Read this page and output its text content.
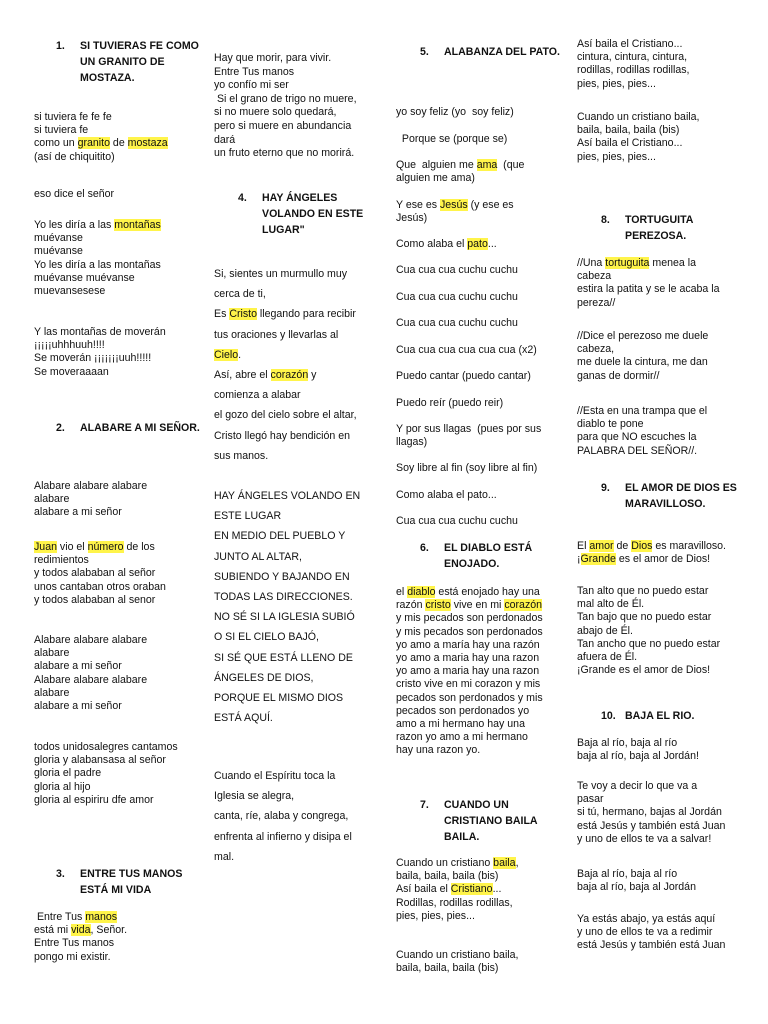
1.	SI TUVIERAS FE COMO UN GRANITO DE MOSTAZA.
si tuviera fe fe fe
si tuviera fe
como un granito de mostaza
(así de chiquitito)
eso dice el señor
Yo les diría a las montañas
muévanse
muévanse
Yo les diría a las montañas
muévanse muévanse
muevansesese
Y las montañas de moverán
¡¡¡¡¡uhhhuuh!!!!
Se moverán ¡¡¡¡¡¡¡uuh!!!!!
Se moveraaaan
2.	ALABARE A MI SEÑOR.
Alabare alabare alabare
alabare
alabare a mi señor
Juan vio el número de los
redimientos
y todos alababan al señor
unos cantaban otros oraban
y todos alababan al senor
Alabare alabare alabare
alabare
alabare a mi señor
Alabare alabare alabare
alabare
alabare a mi señor
todos unidosalegres cantamos
gloria y alabansasa al señor
gloria el padre
gloria al hijo
gloria al espiriru dfe amor
3.	ENTRE TUS MANOS ESTÁ MI VIDA
Entre Tus manos
está mi vida, Señor.
Entre Tus manos
pongo mi existir.
Hay que morir, para vivir.
Entre Tus manos
yo confío mi ser
Si el grano de trigo no muere,
si no muere solo quedará,
pero si muere en abundancia
dará
un fruto eterno que no morirá.
4.	HAY ÁNGELES VOLANDO EN ESTE LUGAR"
Si, sientes un murmullo muy
cerca de ti,
Es Cristo llegando para recibir
tus oraciones y llevarlas al
Cielo.
Así, abre el corazón y
comienza a alabar
el gozo del cielo sobre el altar,
Cristo llegó hay bendición en
sus manos.
HAY ÁNGELES VOLANDO EN
ESTE LUGAR
EN MEDIO DEL PUEBLO Y
JUNTO AL ALTAR,
SUBIENDO Y BAJANDO EN
TODAS LAS DIRECCIONES.
NO SÉ SI LA IGLESIA SUBIÓ
O SI EL CIELO BAJÓ,
SI SÉ QUE ESTÁ LLENO DE
ÁNGELES DE DIOS,
PORQUE EL MISMO DIOS
ESTÁ AQUÍ.
Cuando el Espíritu toca la
Iglesia se alegra,
canta, ríe, alaba y congrega,
enfrenta al infierno y disipa el
mal.
5.	ALABANZA DEL PATO.
yo soy feliz (yo  soy feliz)
Porque se (porque se)
Que  alguien me ama  (que
alguien me ama)
Y ese es Jesús (y ese es
Jesús)
Como alaba el pato...
Cua cua cua cuchu cuchu
Cua cua cua cuchu cuchu
Cua cua cua cuchu cuchu
Cua cua cua cua cua cua (x2)
Puedo cantar (puedo cantar)
Puedo reír (puedo reir)
Y por sus llagas  (pues por sus
llagas)
Soy libre al fin (soy libre al fin)
Como alaba el pato...
Cua cua cua cuchu cuchu
6.	EL DIABLO ESTÁ ENOJADO.
el diablo está enojado hay una
razón cristo vive en mi corazón
y mis pecados son perdonados
y mis pecados son perdonados
yo amo a maría hay una razón
yo amo a maria hay una razon
yo amo a maria hay una razon
cristo vive en mi corazon y mis
pecados son perdonados y mis
pecados son perdonados yo
amo a mi hermano hay una
razon yo amo a mi hermano
hay una razon yo.
7.	CUANDO UN CRISTIANO BAILA BAILA.
Cuando un cristiano baila,
baila, baila, baila (bis)
Así baila el Cristiano...
Rodillas, rodillas rodillas,
pies, pies, pies...
Cuando un cristiano baila,
baila, baila, baila (bis)
Así baila el Cristiano...
cintura, cintura, cintura,
rodillas, rodillas rodillas,
pies, pies, pies...
Cuando un cristiano baila,
baila, baila, baila (bis)
Así baila el Cristiano...
pies, pies, pies...
8.	TORTUGUITA PEREZOSA.
//Una tortuguita menea la
cabeza
estira la patita y se le acaba la
pereza//
//Dice el perezoso me duele
cabeza,
me duele la cintura, me dan
ganas de dormir//
//Esta en una trampa que el
diablo te pone
para que NO escuches la
PALABRA DEL SEÑOR//.
9.	EL AMOR DE DIOS ES MARAVILLOSO.
El amor de Dios es maravilloso.
¡Grande es el amor de Dios!
Tan alto que no puedo estar
mal alto de Él.
Tan bajo que no puedo estar
abajo de Él.
Tan ancho que no puedo estar
afuera de Él.
¡Grande es el amor de Dios!
10. BAJA EL RIO.
Baja al río, baja al río
baja al río, baja al Jordán!
Te voy a decir lo que va a
pasar
si tú, hermano, bajas al Jordán
está Jesús y también está Juan
y uno de ellos te va a salvar!
Baja al río, baja al río
baja al río, baja al Jordán
Ya estás abajo, ya estás aquí
y uno de ellos te va a redimir
está Jesús y también está Juan
